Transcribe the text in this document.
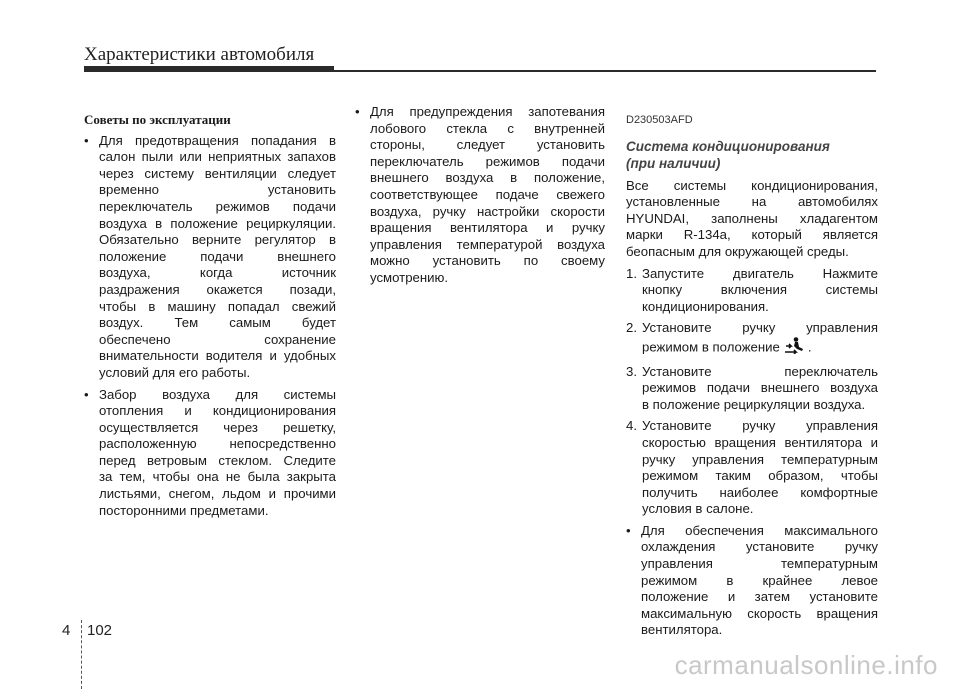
Характеристики автомобиля

Советы по эксплуатации

• Для предотвращения попадания в

салон пыли или неприятных запахов

через систему вентиляции следует

временно установить

переключатель режимов подачи

воздуха в положение рециркуляции.

Обязательно верните регулятор в

положение подачи внешнего

воздуха, когда источник

раздражения окажется позади,

чтобы в машину попадал свежий

воздух. Тем самым будет

обеспечено сохранение

внимательности водителя и удобных

условий для его работы.

• Забор воздуха для системы

отопления и кондиционирования

осуществляется через решетку,

расположенную непосредственно

перед ветровым стеклом. Следите

за тем, чтобы она не была закрыта

листьями, снегом, льдом и прочими

посторонними предметами.

• Для предупреждения запотевания

лобового стекла с внутренней

стороны, следует установить

переключатель режимов подачи

внешнего воздуха в положение,

соответствующее подаче свежего

воздуха, ручку настройки скорости

вращения вентилятора и ручку

управления температурой воздуха

можно установить по своему

усмотрению.

D230503AFD

Система кондиционирования

(при наличии)

Все системы кондиционирования,

установленные на автомобилях

HYUNDAI, заполнены хладагентом

марки R-134a, который является

беопасным для окружающей среды.

1. Запустите двигатель Нажмите

кнопку включения системы

кондиционирования.

2. Установите ручку управления

режимом в положение .

3. Установите переключатель

режимов подачи внешнего воздуха

в положение рециркуляции воздуха.

4. Установите ручку управления

скоростью вращения вентилятора и

ручку управления температурным

режимом таким образом, чтобы

получить наиболее комфортные

условия в салоне.

• Для обеспечения максимального

охлаждения установите ручку

управления температурным

режимом в крайнее левое

положение и затем установите

максимальную скорость вращения

вентилятора.

4 102
carmanualsonline.info
